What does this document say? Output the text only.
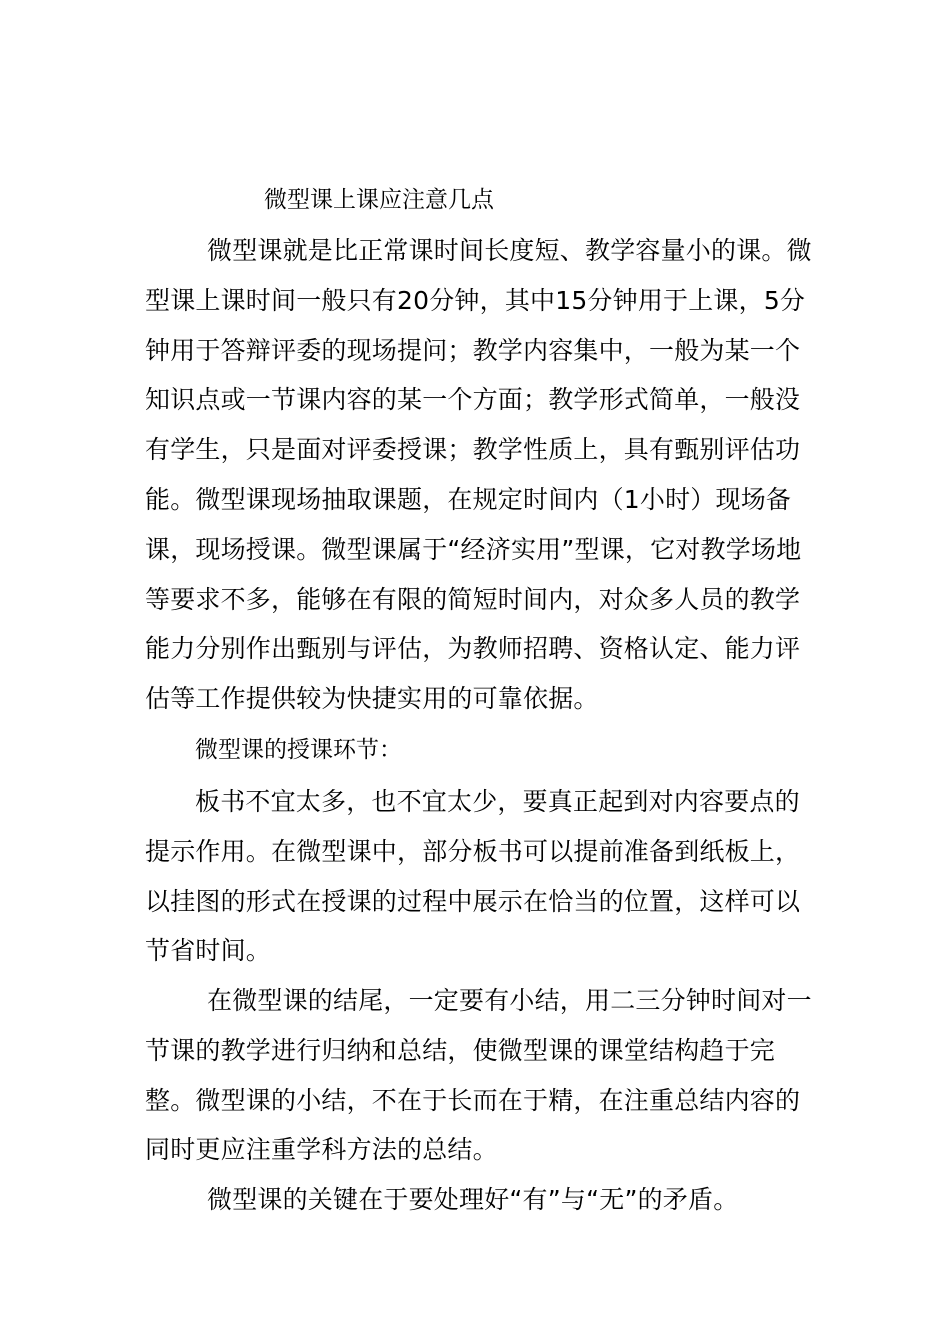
微型课上课应注意几点

微型课就是比正常课时间长度短、教学容量小的课。微型课上课时间一般只有20分钟，其中15分钟用于上课，5分钟用于答辩评委的现场提问；教学内容集中，一般为某一个知识点或一节课内容的某一个方面；教学形式简单，一般没有学生，只是面对评委授课；教学性质上，具有甄别评估功能。微型课现场抽取课题，在规定时间内（1小时）现场备课，现场授课。微型课属于“经济实用”型课，它对教学场地等要求不多，能够在有限的简短时间内，对众多人员的教学能力分别作出甄别与评估，为教师招聘、资格认定、能力评估等工作提供较为快捷实用的可靠依据。

微型课的授课环节：

板书不宜太多，也不宜太少，要真正起到对内容要点的提示作用。在微型课中，部分板书可以提前准备到纸板上，以挂图的形式在授课的过程中展示在恰当的位置，这样可以节省时间。

在微型课的结尾，一定要有小结，用二三分钟时间对一节课的教学进行归纳和总结，使微型课的课堂结构趋于完整。微型课的小结，不在于长而在于精，在注重总结内容的同时更应注重学科方法的总结。

微型课的关键在于要处理好“有”与“无”的矛盾。
